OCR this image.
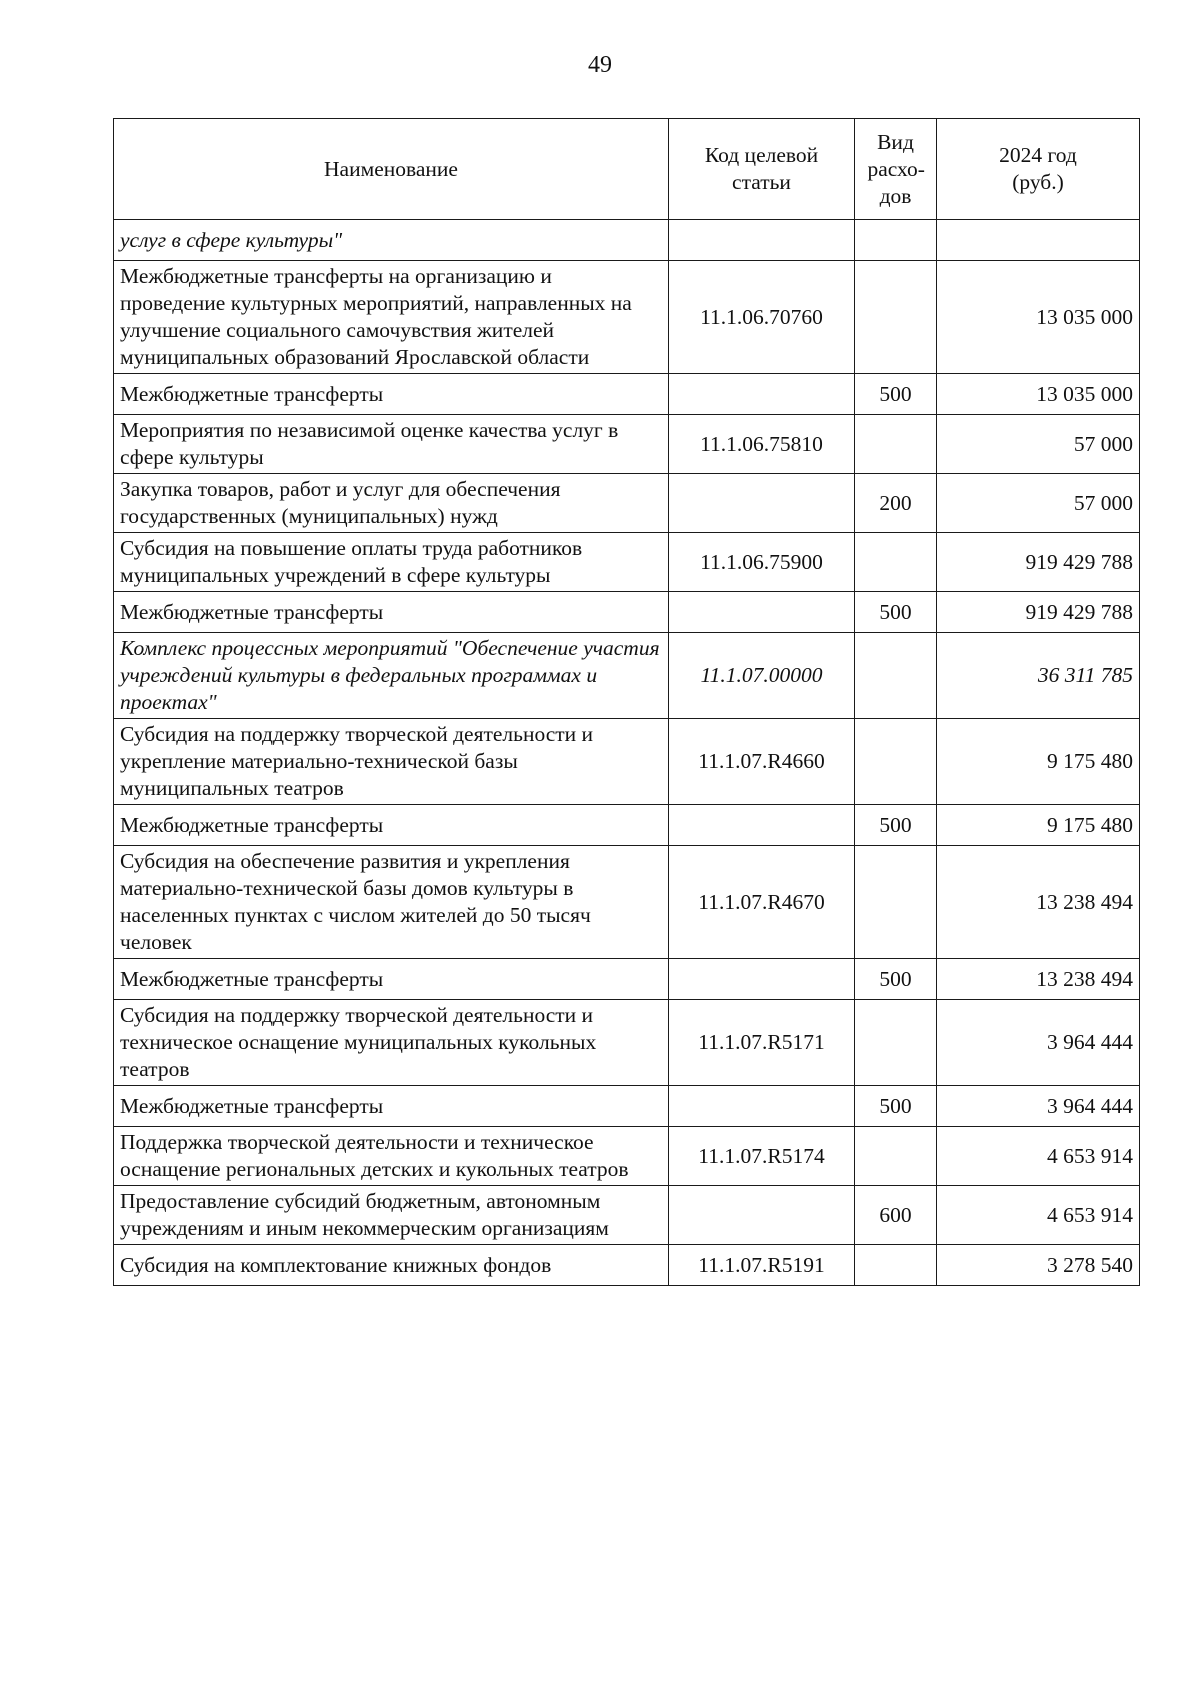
49
Наименование	Код целевой статьи	Вид расхо- дов	2024 год (руб.)
услуг в сфере культуры"			
Межбюджетные трансферты на организацию и проведение культурных мероприятий, направленных на улучшение социального самочувствия жителей муниципальных образований Ярославской области	11.1.06.70760		13 035 000
Межбюджетные трансферты		500	13 035 000
Мероприятия по независимой оценке качества услуг в сфере культуры	11.1.06.75810		57 000
Закупка товаров, работ и услуг для обеспечения государственных (муниципальных) нужд		200	57 000
Субсидия на повышение оплаты труда работников муниципальных учреждений в сфере культуры	11.1.06.75900		919 429 788
Межбюджетные трансферты		500	919 429 788
Комплекс процессных мероприятий "Обеспечение участия учреждений культуры в федеральных программах и проектах"	11.1.07.00000		36 311 785
Субсидия на поддержку творческой деятельности и укрепление материально-технической базы муниципальных театров	11.1.07.R4660		9 175 480
Межбюджетные трансферты		500	9 175 480
Субсидия на обеспечение развития и укрепления материально-технической базы домов культуры в населенных пунктах с числом жителей до 50 тысяч человек	11.1.07.R4670		13 238 494
Межбюджетные трансферты		500	13 238 494
Субсидия на поддержку творческой деятельности и техническое оснащение муниципальных кукольных театров	11.1.07.R5171		3 964 444
Межбюджетные трансферты		500	3 964 444
Поддержка творческой деятельности и техническое оснащение региональных детских и кукольных театров	11.1.07.R5174		4 653 914
Предоставление субсидий бюджетным, автономным учреждениям и иным некоммерческим организациям		600	4 653 914
Субсидия на комплектование книжных фондов	11.1.07.R5191		3 278 540
